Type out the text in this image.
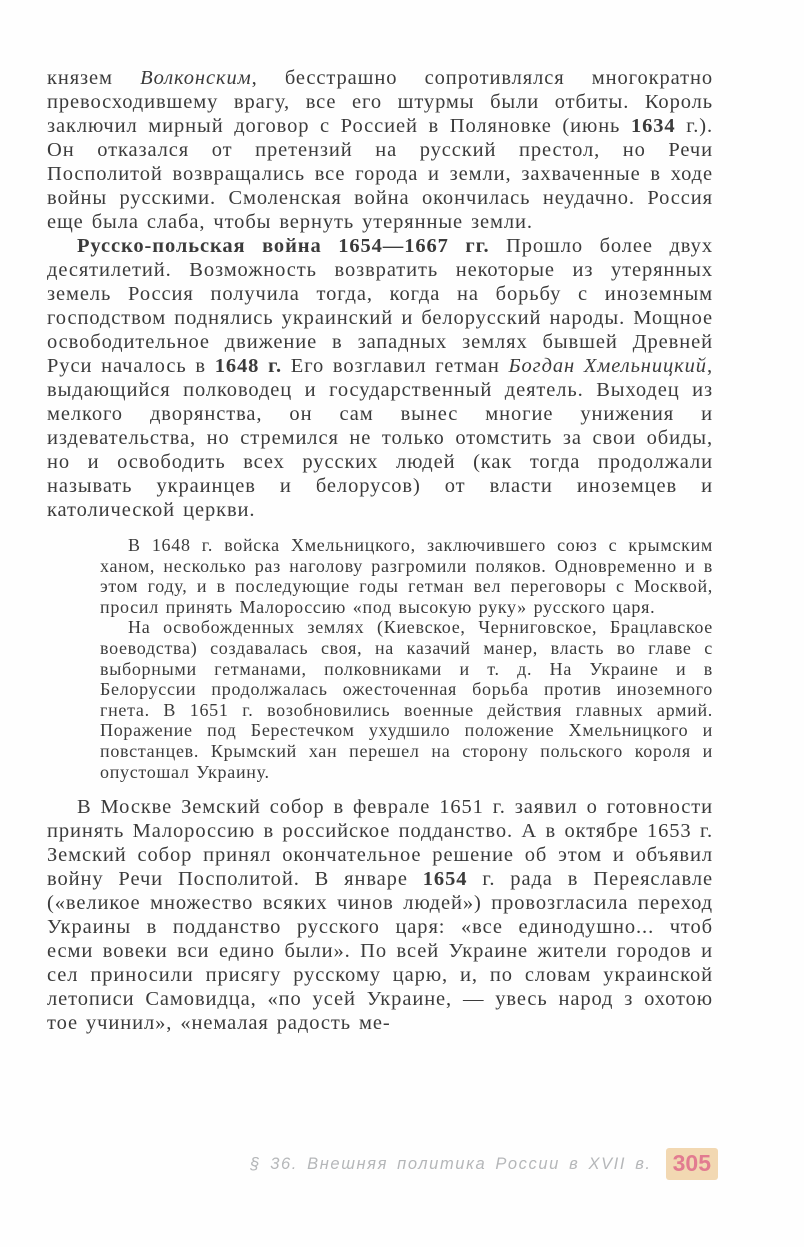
князем Волконским, бесстрашно сопротивлялся многократно превосходившему врагу, все его штурмы были отбиты. Король заключил мирный договор с Россией в Поляновке (июнь 1634 г.). Он отказался от претензий на русский престол, но Речи Посполитой возвращались все города и земли, захваченные в ходе войны русскими. Смоленская война окончилась неудачно. Россия еще была слаба, чтобы вернуть утерянные земли.

Русско-польская война 1654—1667 гг. Прошло более двух десятилетий. Возможность возвратить некоторые из утерянных земель Россия получила тогда, когда на борьбу с иноземным господством поднялись украинский и белорусский народы. Мощное освободительное движение в западных землях бывшей Древней Руси началось в 1648 г. Его возглавил гетман Богдан Хмельницкий, выдающийся полководец и государственный деятель. Выходец из мелкого дворянства, он сам вынес многие унижения и издевательства, но стремился не только отомстить за свои обиды, но и освободить всех русских людей (как тогда продолжали называть украинцев и белорусов) от власти иноземцев и католической церкви.

В 1648 г. войска Хмельницкого, заключившего союз с крымским ханом, несколько раз наголову разгромили поляков. Одновременно и в этом году, и в последующие годы гетман вел переговоры с Москвой, просил принять Малороссию «под высокую руку» русского царя.

На освобожденных землях (Киевское, Черниговское, Брацлавское воеводства) создавалась своя, на казачий манер, власть во главе с выборными гетманами, полковниками и т. д. На Украине и в Белоруссии продолжалась ожесточенная борьба против иноземного гнета. В 1651 г. возобновились военные действия главных армий. Поражение под Берестечком ухудшило положение Хмельницкого и повстанцев. Крымский хан перешел на сторону польского короля и опустошал Украину.

В Москве Земский собор в феврале 1651 г. заявил о готовности принять Малороссию в российское подданство. А в октябре 1653 г. Земский собор принял окончательное решение об этом и объявил войну Речи Посполитой. В январе 1654 г. рада в Переяславле («великое множество всяких чинов людей») провозгласила переход Украины в подданство русского царя: «все единодушно... чтоб есми вовеки вси едино были». По всей Украине жители городов и сел приносили присягу русскому царю, и, по словам украинской летописи Самовидца, «по усей Украине, — увесь народ з охотою тое учинил», «немалая радость ме-

§ 36. Внешняя политика России в XVII в. 305
